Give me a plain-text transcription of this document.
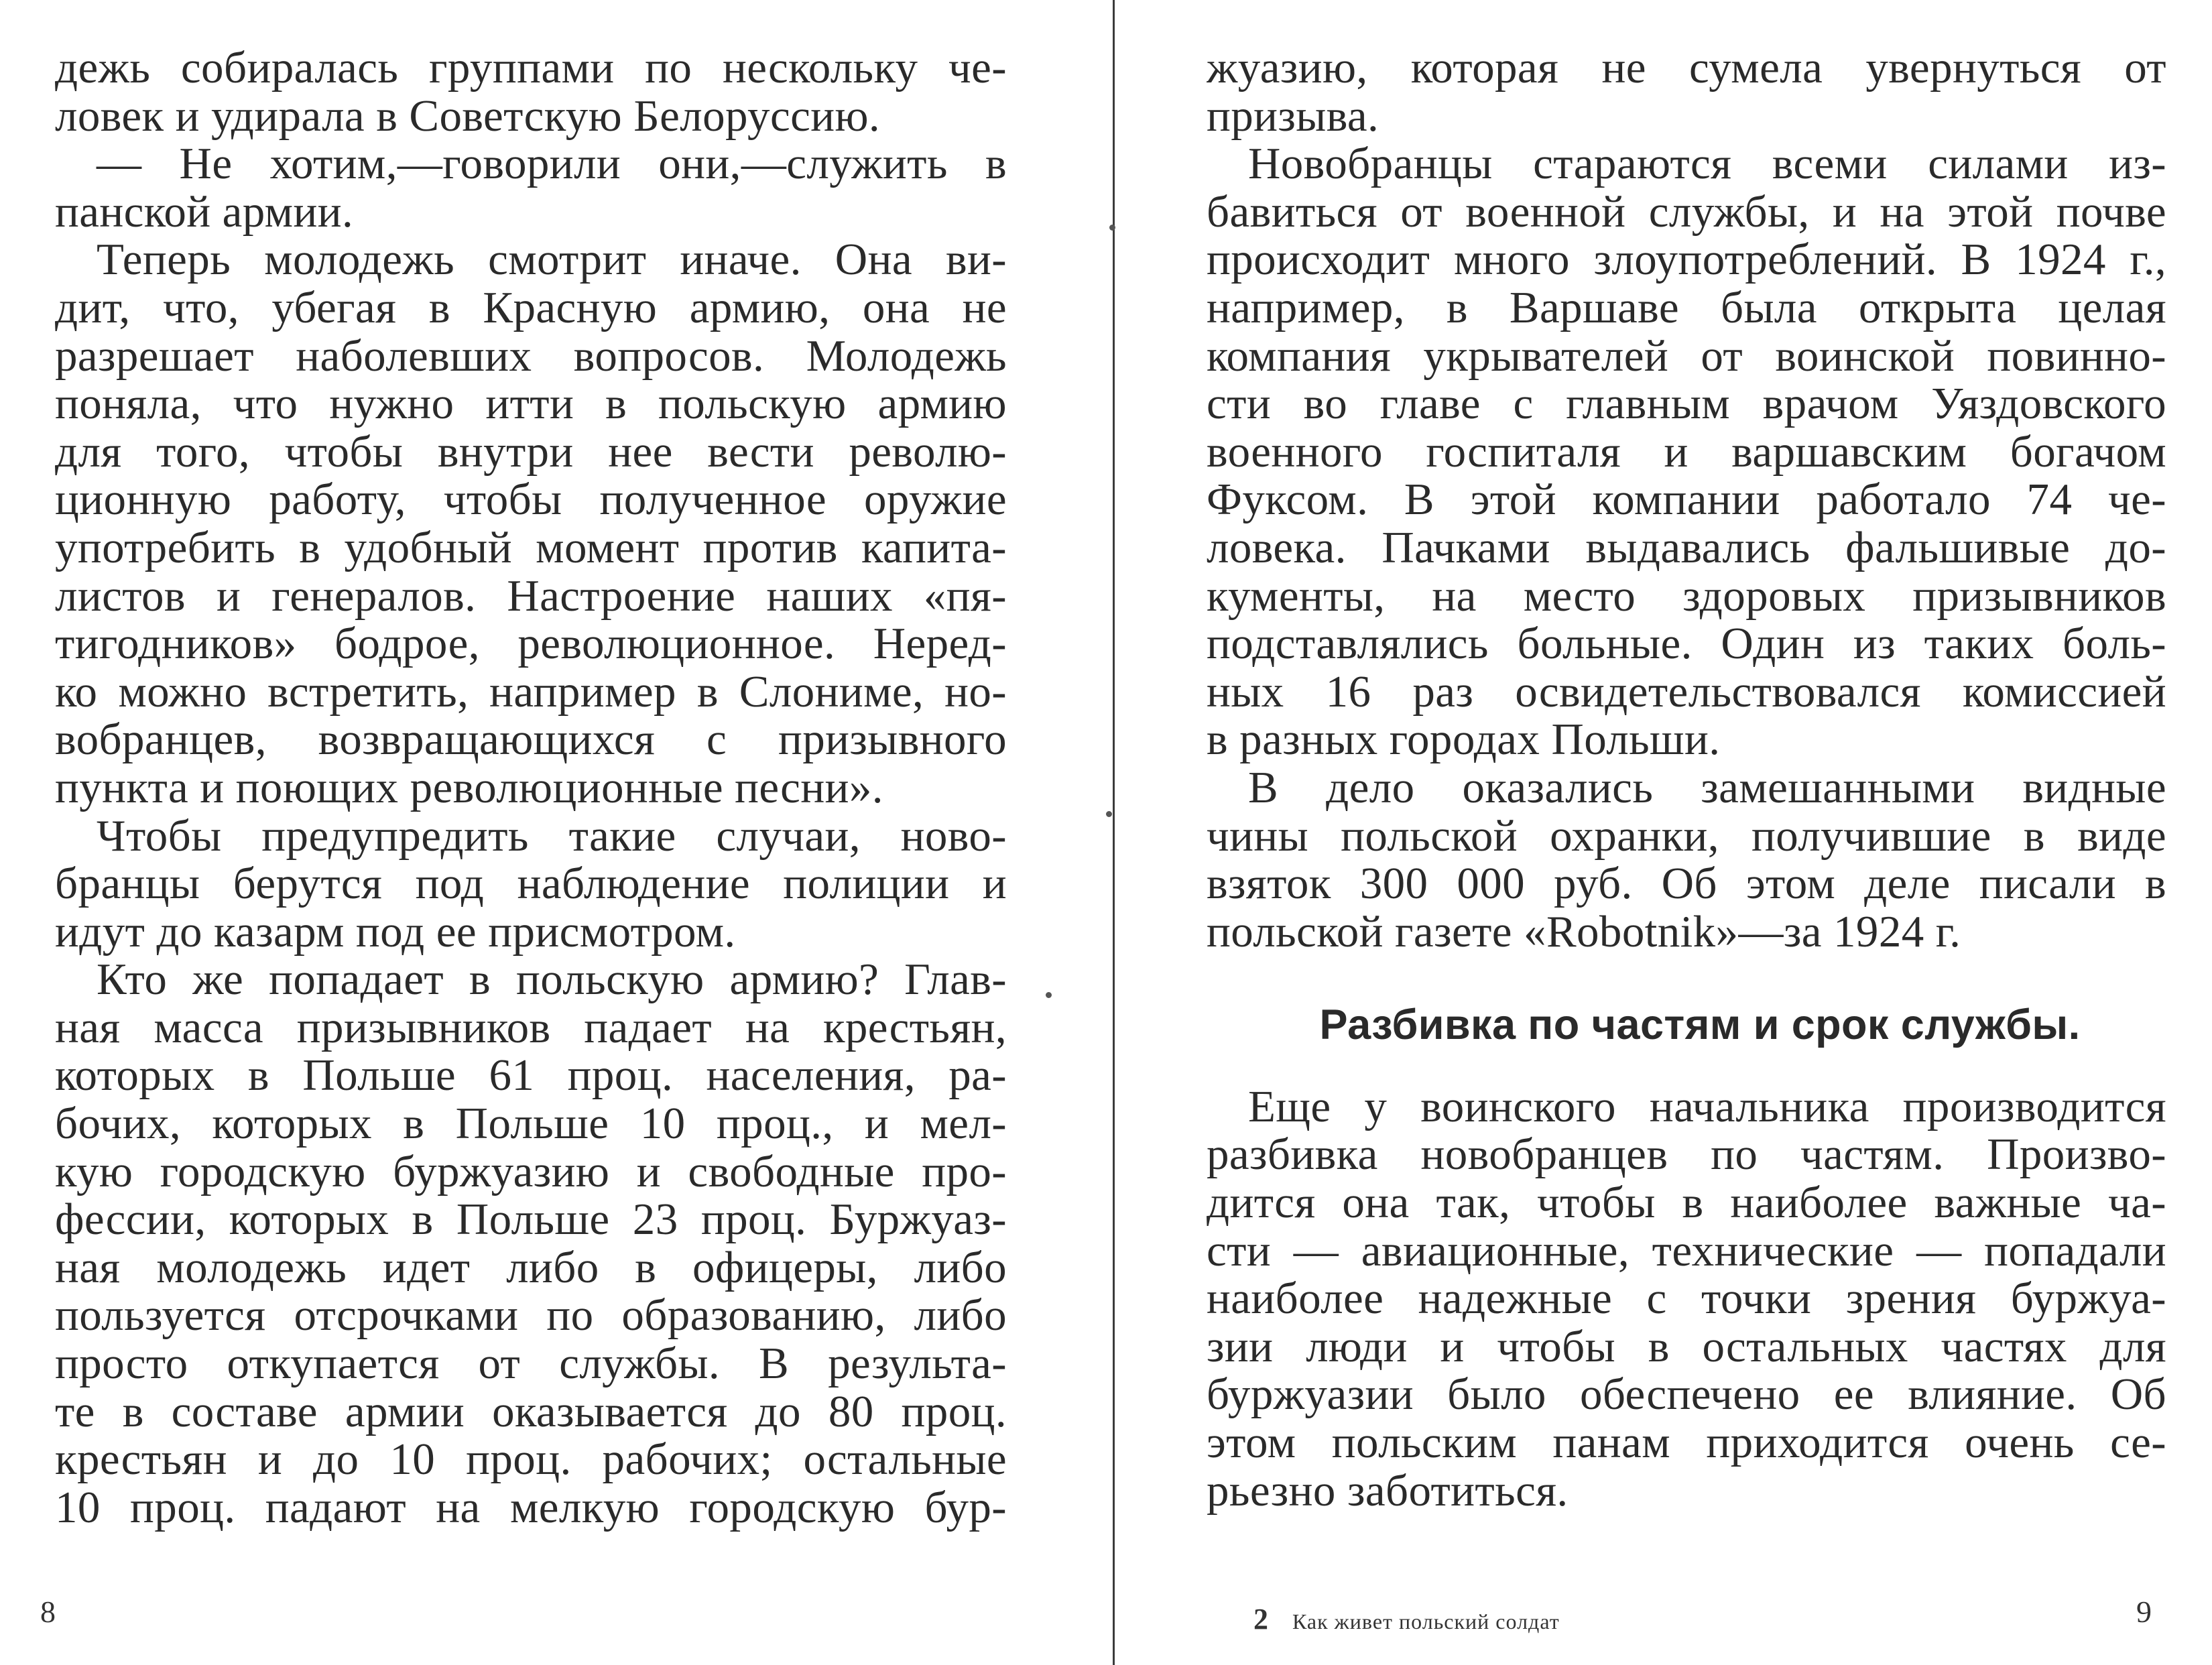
дежь собиралась группами по нескольку че-
ловек и удирала в Советскую Белоруссию.
— Не хотим,—говорили они,—служить в
панской армии.
Теперь молодежь смотрит иначе. Она ви-
дит, что, убегая в Красную армию, она не
разрешает наболевших вопросов. Молодежь
поняла, что нужно итти в польскую армию
для того, чтобы внутри нее вести револю-
ционную работу, чтобы полученное оружие
употребить в удобный момент против капита-
листов и генералов. Настроение наших «пя-
тигодников» бодрое, революционное. Неред-
ко можно встретить, например в Слониме, но-
вобранцев, возвращающихся с призывного
пункта и поющих революционные песни».
Чтобы предупредить такие случаи, ново-
бранцы берутся под наблюдение полиции и
идут до казарм под ее присмотром.
Кто же попадает в польскую армию? Глав-
ная масса призывников падает на крестьян,
которых в Польше 61 проц. населения, ра-
бочих, которых в Польше 10 проц., и мел-
кую городскую буржуазию и свободные про-
фессии, которых в Польше 23 проц. Буржуаз-
ная молодежь идет либо в офицеры, либо
пользуется отсрочками по образованию, либо
просто откупается от службы. В результа-
те в составе армии оказывается до 80 проц.
крестьян и до 10 проц. рабочих; остальные
10 проц. падают на мелкую городскую бур-
8
жуазию, которая не сумела увернуться от
призыва.
Новобранцы стараются всеми силами из-
бавиться от военной службы, и на этой почве
происходит много злоупотреблений. В 1924 г.,
например, в Варшаве была открыта целая
компания укрывателей от воинской повинно-
сти во главе с главным врачом Уяздовского
военного госпиталя и варшавским богачом
Фуксом. В этой компании работало 74 че-
ловека. Пачками выдавались фальшивые до-
кументы, на место здоровых призывников
подставлялись больные. Один из таких боль-
ных 16 раз освидетельствовался комиссией
в разных городах Польши.
В дело оказались замешанными видные
чины польской охранки, получившие в виде
взяток 300 000 руб. Об этом деле писали в
польской газете «Robotnik»—за 1924 г.
Разбивка по частям и срок службы.
Еще у воинского начальника производится
разбивка новобранцев по частям. Произво-
дится она так, чтобы в наиболее важные ча-
сти — авиационные, технические — попадали
наиболее надежные с точки зрения буржуа-
зии люди и чтобы в остальных частях для
буржуазии было обеспечено ее влияние. Об
этом польским панам приходится очень се-
рьезно заботиться.
2 Как живет польский солдат	9
